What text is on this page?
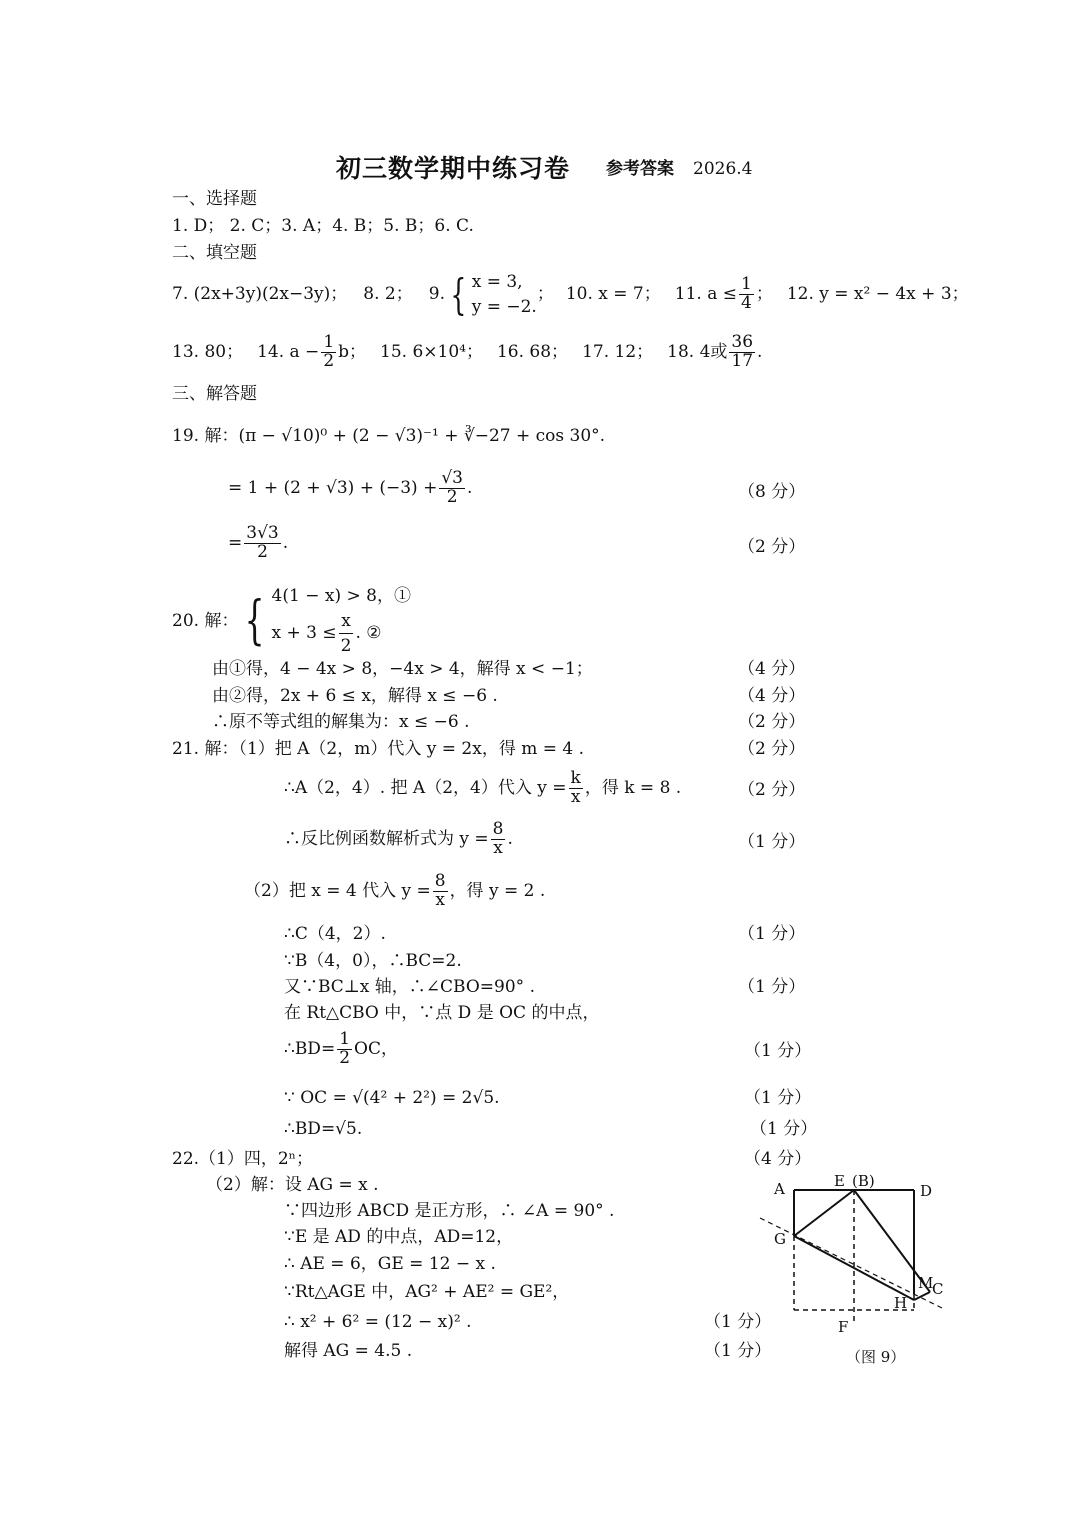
初三数学期中练习卷 参考答案 2026.4
一、选择题
1. D； 2. C；3. A；4. B；5. B；6. C.
二、填空题
7. (2x+3y)(2x−3y)； 8. 2； 9. { x = 3,
y = −2.
； 10. x = 7； 11. $a \le \frac{1}{4}$ ； 12. y = x² − 4x + 3；
13. 80； 14. $a - \frac{1}{2}$ b； 15. 6×10⁴； 16. 68； 17. 12； 18. 4或 $\frac{36}{17}$ .
三、解答题
19. 解：(π − √10)⁰ + (2 − √3)⁻¹ + ∛−27 + cos 30°.
= $1 + (2 + √3) + (-3) + \frac{√3}{2}$ .	（8 分）
= $\frac{3√3}{2}$ .	（2 分）
20. 解： { 4(1 − x) > 8，①
$x + 3 \le \frac{x}{2}$ . ②
由①得，4 − 4x > 8，−4x > 4，解得 x < −1；	（4 分）
由②得，2x + 6 ≤ x，解得 x ≤ −6 .	（4 分）
∴原不等式组的解集为：x ≤ −6 .	（2 分）
21. 解：（1）把 A（2，m）代入 y = 2x，得 m = 4 .	（2 分）
∴A（2，4）. 把 A（2，4）代入 $y = \frac{k}{x}$ ，得 k = 8 .	（2 分）
∴反比例函数解析式为 $y = \frac{8}{x}$ .	（1 分）
（2）把 x = 4 代入 $y = \frac{8}{x}$ ，得 y = 2 .
∴C（4，2）.	（1 分）
∵B（4，0），∴BC=2.
又∵BC⊥x 轴，∴∠CBO=90° .	（1 分）
在 Rt△CBO 中，∵点 D 是 OC 的中点，
∴BD= $\frac{1}{2}$ OC，	（1 分）
∵ OC = √(4² + 2²) = 2√5.	（1 分）
∴BD=√5.	（1 分）
22.（1）四，2ⁿ；	（4 分）
（2）解：设 AG = x .
∵四边形 ABCD 是正方形，∴ ∠A = 90° .
∵E 是 AD 的中点，AD=12，
∴ AE = 6，GE = 12 − x .
∵Rt△AGE 中，AG² + AE² = GE²，
∴ x² + 6² = (12 − x)² .	（1 分）
解得 AG = 4.5 .	（1 分）
A	E (B)
D
G
M
C
H
F
（图 9）
